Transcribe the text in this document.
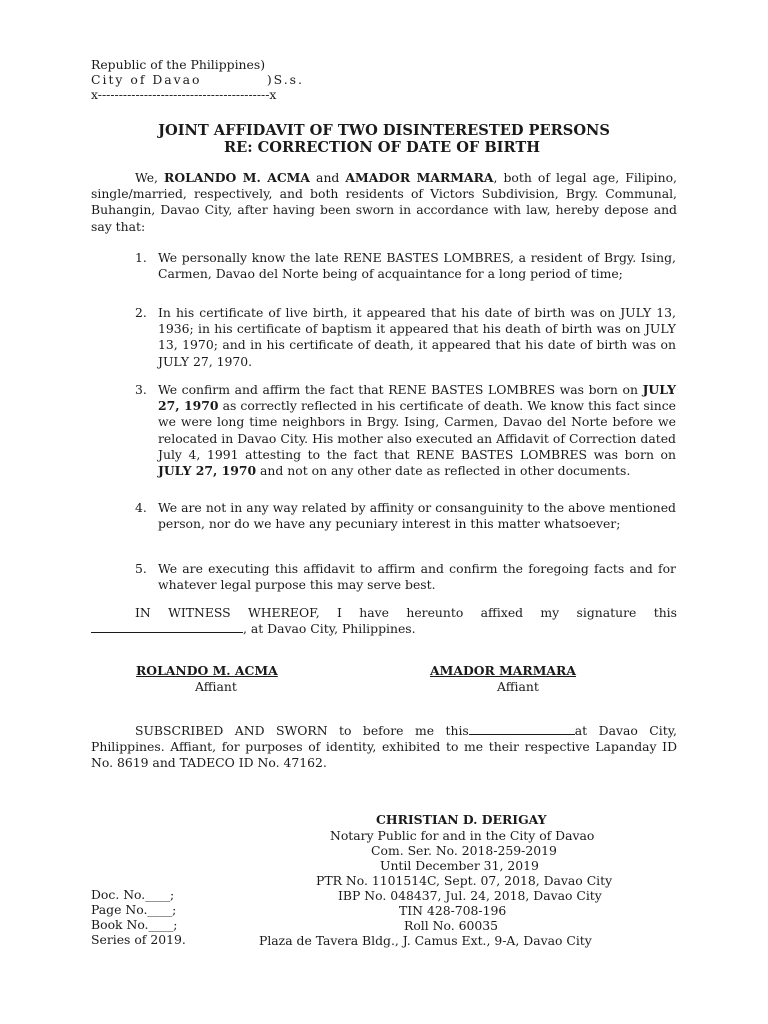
Republic of the Philippines)
City of Davao           )S.s.
x-----------------------------------------x
JOINT AFFIDAVIT OF TWO DISINTERESTED PERSONS
RE: CORRECTION OF DATE OF BIRTH
We, ROLANDO M. ACMA and AMADOR MARMARA, both of legal age, Filipino, single/married, respectively, and both residents of Victors Subdivision, Brgy. Communal, Buhangin, Davao City, after having been sworn in accordance with law, hereby depose and say that:
1. We personally know the late RENE BASTES LOMBRES, a resident of Brgy. Ising, Carmen, Davao del Norte being of acquaintance for a long period of time;
2. In his certificate of live birth, it appeared that his date of birth was on JULY 13, 1936; in his certificate of baptism it appeared that his death of birth was on JULY 13, 1970; and in his certificate of death, it appeared that his date of birth was on JULY 27, 1970.
3. We confirm and affirm the fact that RENE BASTES LOMBRES was born on JULY 27, 1970 as correctly reflected in his certificate of death. We know this fact since we were long time neighbors in Brgy. Ising, Carmen, Davao del Norte before we relocated in Davao City. His mother also executed an Affidavit of Correction dated July 4, 1991 attesting to the fact that RENE BASTES LOMBRES was born on JULY 27, 1970 and not on any other date as reflected in other documents.
4. We are not in any way related by affinity or consanguinity to the above mentioned person, nor do we have any pecuniary interest in this matter whatsoever;
5. We are executing this affidavit to affirm and confirm the foregoing facts and for whatever legal purpose this may serve best.
IN WITNESS WHEREOF, I have hereunto affixed my signature this
, at Davao City, Philippines.
ROLANDO M. ACMA
Affiant
AMADOR MARMARA
Affiant
SUBSCRIBED AND SWORN to before me this	at Davao City, Philippines. Affiant, for purposes of identity, exhibited to me their respective Lapanday ID No. 8619 and TADECO ID No. 47162.
CHRISTIAN D. DERIGAY
Notary Public for and in the City of Davao
Com. Ser. No. 2018-259-2019
Until December 31, 2019
PTR No. 1101514C, Sept. 07, 2018, Davao City
IBP No. 048437, Jul. 24, 2018, Davao City
TIN 428-708-196
Roll No. 60035
Plaza de Tavera Bldg., J. Camus Ext., 9-A, Davao City
Doc. No.____;
Page No.____;
Book No.____;
Series of 2019.
